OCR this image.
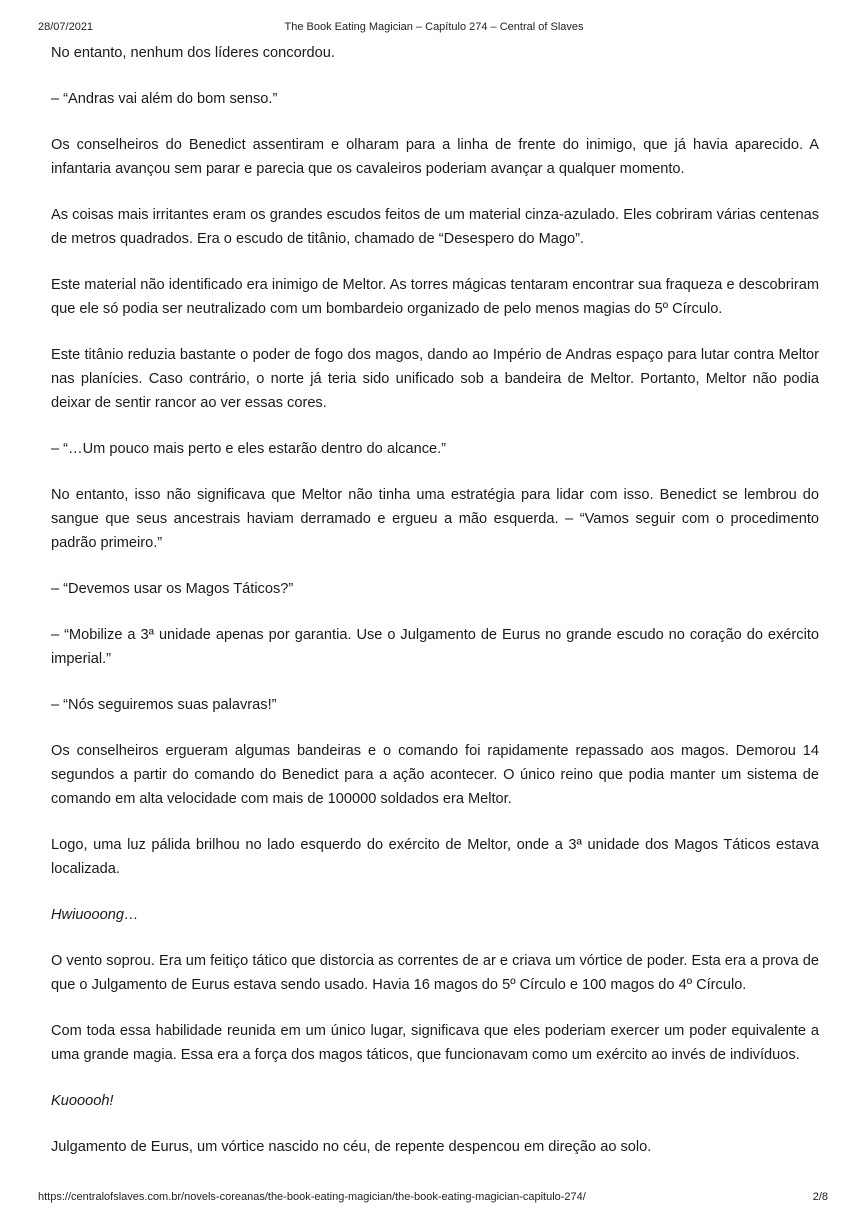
28/07/2021	The Book Eating Magician – Capítulo 274 – Central of Slaves

No entanto, nenhum dos líderes concordou.

– “Andras vai além do bom senso.”

Os conselheiros do Benedict assentiram e olharam para a linha de frente do inimigo, que já havia aparecido. A infantaria avançou sem parar e parecia que os cavaleiros poderiam avançar a qualquer momento.

As coisas mais irritantes eram os grandes escudos feitos de um material cinza-azulado. Eles cobriram várias centenas de metros quadrados. Era o escudo de titânio, chamado de “Desespero do Mago”.

Este material não identificado era inimigo de Meltor. As torres mágicas tentaram encontrar sua fraqueza e descobriram que ele só podia ser neutralizado com um bombardeio organizado de pelo menos magias do 5º Círculo.

Este titânio reduzia bastante o poder de fogo dos magos, dando ao Império de Andras espaço para lutar contra Meltor nas planícies. Caso contrário, o norte já teria sido unificado sob a bandeira de Meltor. Portanto, Meltor não podia deixar de sentir rancor ao ver essas cores.

– “…Um pouco mais perto e eles estarão dentro do alcance.”

No entanto, isso não significava que Meltor não tinha uma estratégia para lidar com isso. Benedict se lembrou do sangue que seus ancestrais haviam derramado e ergueu a mão esquerda. – “Vamos seguir com o procedimento padrão primeiro.”

– “Devemos usar os Magos Táticos?”

– “Mobilize a 3ª unidade apenas por garantia. Use o Julgamento de Eurus no grande escudo no coração do exército imperial.”

– “Nós seguiremos suas palavras!”

Os conselheiros ergueram algumas bandeiras e o comando foi rapidamente repassado aos magos. Demorou 14 segundos a partir do comando do Benedict para a ação acontecer. O único reino que podia manter um sistema de comando em alta velocidade com mais de 100000 soldados era Meltor.

Logo, uma luz pálida brilhou no lado esquerdo do exército de Meltor, onde a 3ª unidade dos Magos Táticos estava localizada.

Hwiuooong…

O vento soprou. Era um feitiço tático que distorcia as correntes de ar e criava um vórtice de poder. Esta era a prova de que o Julgamento de Eurus estava sendo usado. Havia 16 magos do 5º Círculo e 100 magos do 4º Círculo.

Com toda essa habilidade reunida em um único lugar, significava que eles poderiam exercer um poder equivalente a uma grande magia. Essa era a força dos magos táticos, que funcionavam como um exército ao invés de indivíduos.

Kuooooh!

Julgamento de Eurus, um vórtice nascido no céu, de repente despencou em direção ao solo.

https://centralofslaves.com.br/novels-coreanas/the-book-eating-magician/the-book-eating-magician-capitulo-274/	2/8
